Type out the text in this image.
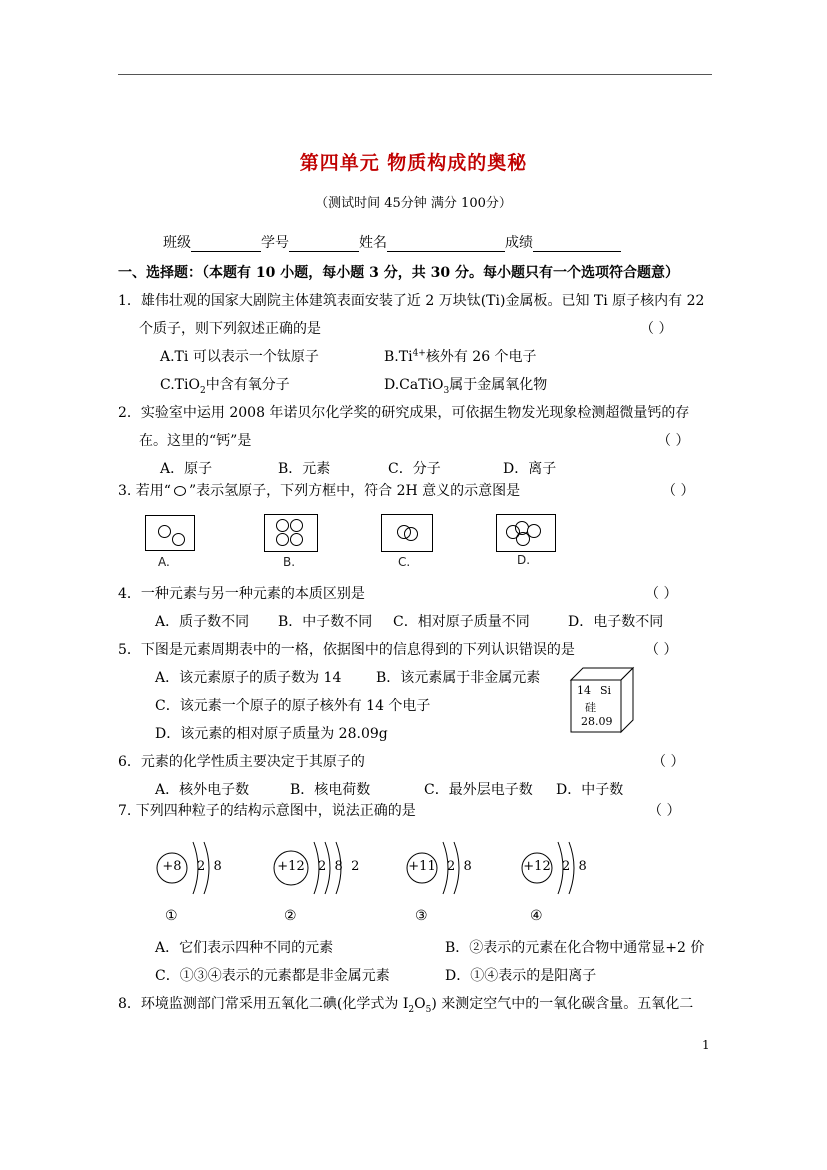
第四单元 物质构成的奥秘
（测试时间 45分钟 满分 100分）
班级	学号	姓名	成绩
一、选择题：（本题有 10 小题，每小题 3 分，共 30 分。每小题只有一个选项符合题意）
1．雄伟壮观的国家大剧院主体建筑表面安装了近 2 万块钛(Ti)金属板。已知 Ti 原子核内有 22
个质子，则下列叙述正确的是	（ ）
A.Ti 可以表示一个钛原子	$B.Ti^{4+}$核外有 26 个电子
C.TiO$_2$中含有氧分子	D.CaTiO$_3$属于金属氧化物
2．实验室中运用 2008 年诺贝尔化学奖的研究成果，可依据生物发光现象检测超微量钙的存
在。这里的“钙”是	（ ）
A．原子	B．元素	C．分子	D．离子
3. 若用“ ”表示氢原子，下列方框中，符合 2H 意义的示意图是	（ ）
A.	B.	C.	D.
4．一种元素与另一种元素的本质区别是	（ ）
A．质子数不同 B．中子数不同 C．相对原子质量不同	D．电子数不同
5．下图是元素周期表中的一格，依据图中的信息得到的下列认识错误的是	（ ）
A．该元素原子的质子数为 14 B．该元素属于非金属元素
C．该元素一个原子的原子核外有 14 个电子
D．该元素的相对原子质量为 28.09g
14 Si
硅
28.09
6．元素的化学性质主要决定于其原子的	（ ）
A．核外电子数	B．核电荷数	C．最外层电子数 D．中子数
7. 下列四种粒子的结构示意图中，说法正确的是	（ ）
+8	2  8
①
+12	2  8  2
②
+11 2  8
③
+12 2  8
④
A．它们表示四种不同的元素	B．②表示的元素在化合物中通常显+2 价
C．①③④表示的元素都是非金属元素	D．①④表示的是阳离子
8．环境监测部门常采用五氧化二碘(化学式为 $I_2O_5$) 来测定空气中的一氧化碳含量。五氧化二
1
